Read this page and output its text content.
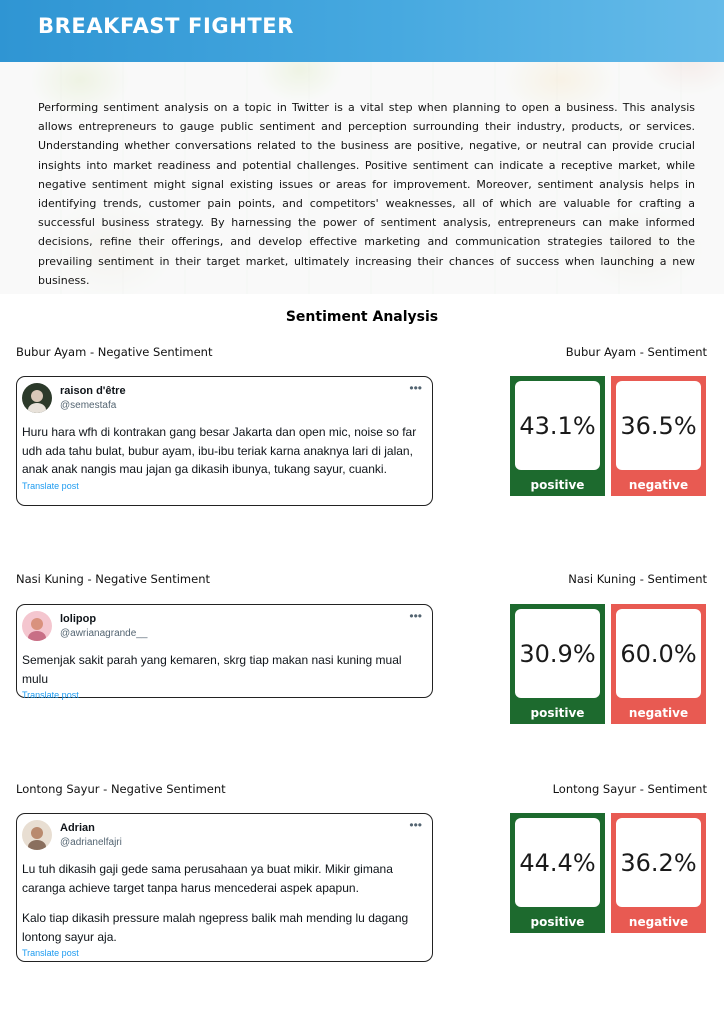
BREAKFAST FIGHTER
Performing sentiment analysis on a topic in Twitter is a vital step when planning to open a business. This analysis allows entrepreneurs to gauge public sentiment and perception surrounding their industry, products, or services. Understanding whether conversations related to the business are positive, negative, or neutral can provide crucial insights into market readiness and potential challenges. Positive sentiment can indicate a receptive market, while negative sentiment might signal existing issues or areas for improvement. Moreover, sentiment analysis helps in identifying trends, customer pain points, and competitors' weaknesses, all of which are valuable for crafting a successful business strategy. By harnessing the power of sentiment analysis, entrepreneurs can make informed decisions, refine their offerings, and develop effective marketing and communication strategies tailored to the prevailing sentiment in their target market, ultimately increasing their chances of success when launching a new business.
Sentiment Analysis
Bubur Ayam - Negative Sentiment	Bubur Ayam - Sentiment
raison d'être
@semestafa
•••

Huru hara wfh di kontrakan gang besar Jakarta dan open mic, noise so far udh ada tahu bulat, bubur ayam, ibu-ibu teriak karna anaknya lari di jalan, anak anak nangis mau jajan ga dikasih ibunya, tukang sayur, cuanki.

Translate post
43.1%
positive
36.5%
negative
Nasi Kuning - Negative Sentiment	Nasi Kuning - Sentiment
lolipop
@awrianagrande__
•••

Semenjak sakit parah yang kemaren, skrg tiap makan nasi kuning mual mulu

Translate post
30.9%
positive
60.0%
negative
Lontong Sayur - Negative Sentiment	Lontong Sayur - Sentiment
Adrian
@adrianelfajri
•••

Lu tuh dikasih gaji gede sama perusahaan ya buat mikir. Mikir gimana caranga achieve target tanpa harus mencederai aspek apapun.

Kalo tiap dikasih pressure malah ngepress balik mah mending lu dagang lontong sayur aja.

Translate post
44.4%
positive
36.2%
negative
